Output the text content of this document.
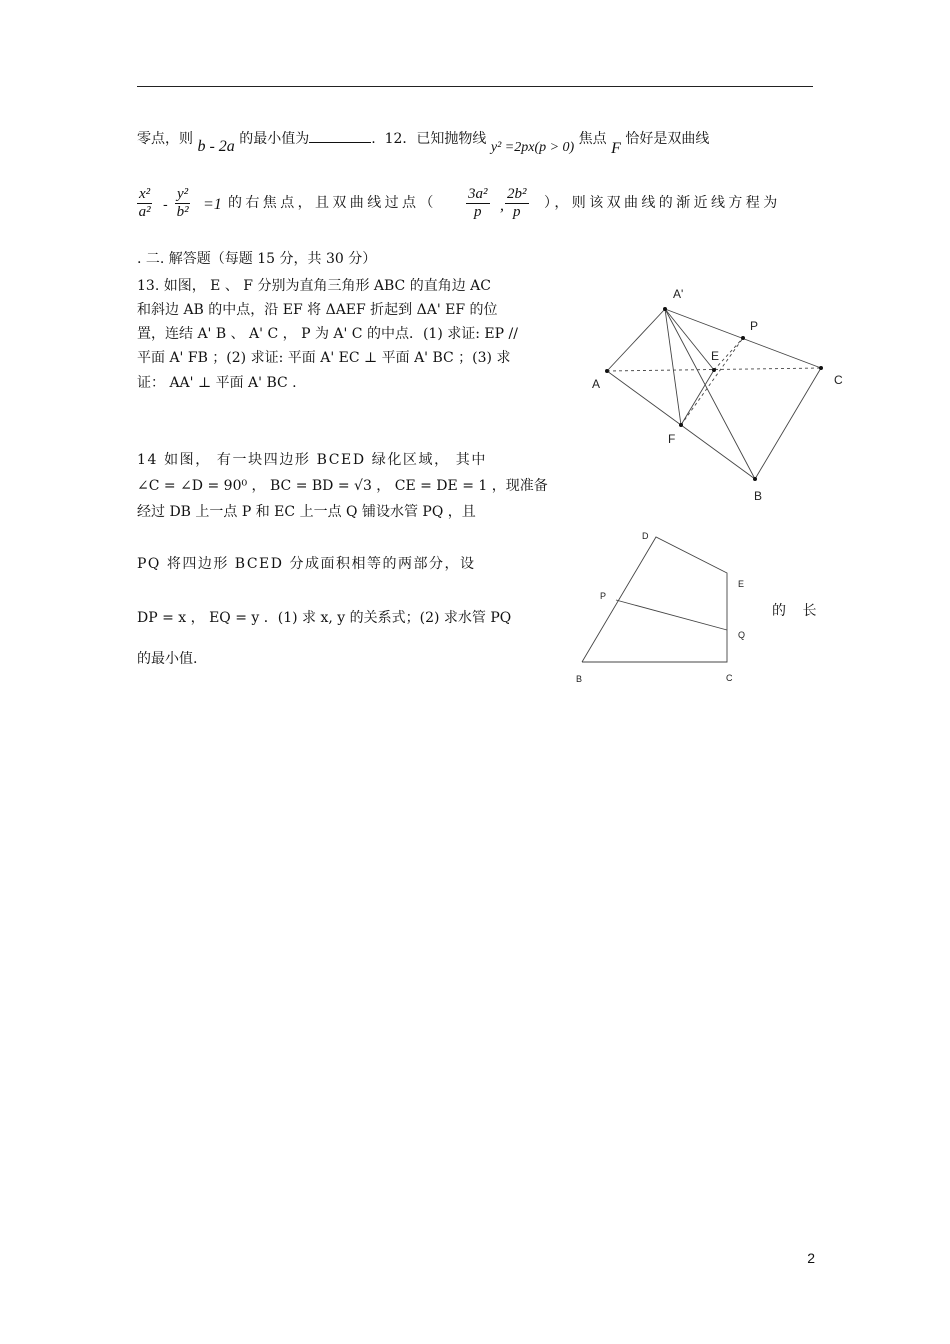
零点，则 b - 2a 的最小值为	. 12．已知抛物线 y² =2px(p > 0) 焦点 F 恰好是双曲线
$\frac{\text{x²}}{\text{a²}} - \frac{\text{y²}}{\text{b²}} =1$ 的右焦点，且双曲线过点（ $\frac{\text{3a²}}{p}$ , $\frac{\text{2b²}}{p}$ ），则该双曲线的渐近线方程为
. 二. 解答题（每题 15 分，共 30 分）
13. 如图， E 、 F 分别为直角三角形 ABC 的直角边 AC
和斜边 AB 的中点，沿 EF 将 ΔAEF 折起到 ΔA' EF 的位
置，连结 A' B 、 A' C ， P 为 A' C 的中点．(1) 求证: EP //
平面 A' FB ；(2) 求证: 平面 A' EC ⊥ 平面 A' BC ；(3) 求
证： AA' ⊥ 平面 A' BC .
A'
P
E
A	C
F
B
14 如图， 有一块四边形 BCED 绿化区域， 其中
∠C = ∠D = 90⁰ ， BC = BD = √3 ， CE = DE = 1 ，现准备
经过 DB 上一点 P 和 EC 上一点 Q 铺设水管 PQ ，且
PQ 将四边形 BCED 分成面积相等的两部分，设
DP = x ， EQ = y ．(1) 求 x, y 的关系式；(2) 求水管 PQ	的 长
的最小值.
D
E
P
Q
B	C
2
